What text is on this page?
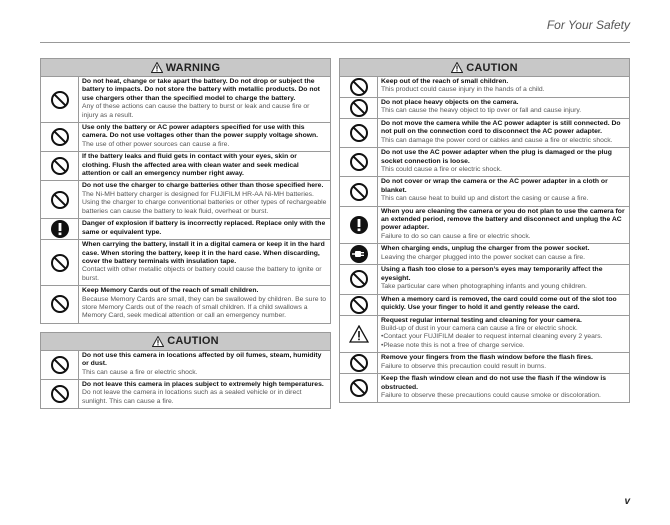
For Your Safety
WARNING
Do not heat, change or take apart the battery. Do not drop or subject the battery to impacts. Do not store the battery with metallic products. Do not use chargers other than the specified model to charge the battery.
Any of these actions can cause the battery to burst or leak and cause fire or injury as a result.
Use only the battery or AC power adapters specified for use with this camera. Do not use voltages other than the power supply voltage shown.
The use of other power sources can cause a fire.
If the battery leaks and fluid gets in contact with your eyes, skin or clothing. Flush the affected area with clean water and seek medical attention or call an emergency number right away.
Do not use the charger to charge batteries other than those specified here.
The Ni-MH battery charger is designed for FUJIFILM HR-AA Ni-MH batteries. Using the charger to charge conventional batteries or other types of rechargeable batteries can cause the battery to leak fluid, overheat or burst.
Danger of explosion if battery is incorrectly replaced. Replace only with the same or equivalent type.
When carrying the battery, install it in a digital camera or keep it in the hard case. When storing the battery, keep it in the hard case. When discarding, cover the battery terminals with insulation tape.
Contact with other metallic objects or battery could cause the battery to ignite or burst.
Keep Memory Cards out of the reach of small children.
Because Memory Cards are small, they can be swallowed by children. Be sure to store Memory Cards out of the reach of small children. If a child swallows a Memory Card, seek medical attention or call an emergency number.
CAUTION
Do not use this camera in locations affected by oil fumes, steam, humidity or dust.
This can cause a fire or electric shock.
Do not leave this camera in places subject to extremely high temperatures.
Do not leave the camera in locations such as a sealed vehicle or in direct sunlight. This can cause a fire.
CAUTION
Keep out of the reach of small children.
This product could cause injury in the hands of a child.
Do not place heavy objects on the camera.
This can cause the heavy object to tip over or fall and cause injury.
Do not move the camera while the AC power adapter is still connected. Do not pull on the connection cord to disconnect the AC power adapter.
This can damage the power cord or cables and cause a fire or electric shock.
Do not use the AC power adapter when the plug is damaged or the plug socket connection is loose.
This could cause a fire or electric shock.
Do not cover or wrap the camera or the AC power adapter in a cloth or blanket.
This can cause heat to build up and distort the casing or cause a fire.
When you are cleaning the camera or you do not plan to use the camera for an extended period, remove the battery and disconnect and unplug the AC power adapter.
Failure to do so can cause a fire or electric shock.
When charging ends, unplug the charger from the power socket.
Leaving the charger plugged into the power socket can cause a fire.
Using a flash too close to a person’s eyes may temporarily affect the eyesight.
Take particular care when photographing infants and young children.
When a memory card is removed, the card could come out of the slot too quickly. Use your finger to hold it and gently release the card.
Request regular internal testing and cleaning for your camera.
Build-up of dust in your camera can cause a fire or electric shock.
•Contact your FUJIFILM dealer to request internal cleaning every 2 years.
•Please note this is not a free of charge service.
Remove your fingers from the flash window before the flash fires.
Failure to observe this precaution could result in burns.
Keep the flash window clean and do not use the flash if the window is obstructed.
Failure to observe these precautions could cause smoke or discoloration.
v
